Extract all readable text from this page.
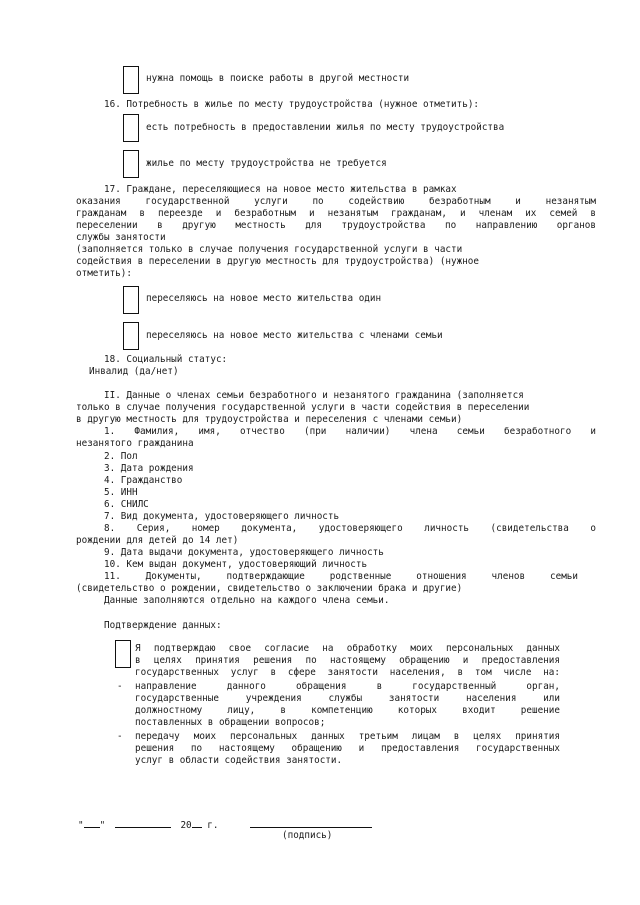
нужна помощь в поиске работы в другой местности
16. Потребность в жилье по месту трудоустройства (нужное отметить):
есть потребность в предоставлении жилья по месту трудоустройства
жилье по месту трудоустройства не требуется
17. Граждане, переселяющиеся на новое место жительства в рамках
оказания государственной услуги по содействию безработным и незанятым
гражданам в переезде и безработным и незанятым гражданам, и членам их семей в
переселении в другую местность для трудоустройства по направлению органов
службы занятости
(заполняется только в случае получения государственной услуги в части
содействия в переселении в другую местность для трудоустройства) (нужное
отметить):
переселяюсь на новое место жительства один
переселяюсь на новое место жительства с членами семьи
18. Социальный статус:
Инвалид (да/нет)
II. Данные о членах семьи безработного и незанятого гражданина (заполняется
только в случае получения государственной услуги в части содействия в переселении
в другую местность для трудоустройства и переселения с членами семьи)
1. Фамилия, имя, отчество (при наличии) члена семьи безработного и
незанятого гражданина
2. Пол
3. Дата рождения
4. Гражданство
5. ИНН
6. СНИЛС
7. Вид документа, удостоверяющего личность
8. Серия, номер документа, удостоверяющего личность (свидетельства о
рождении для детей до 14 лет)
9. Дата выдачи документа, удостоверяющего личность
10. Кем выдан документ, удостоверяющий личность
11. Документы, подтверждающие родственные отношения членов семьи
(свидетельство о рождении, свидетельство о заключении брака и другие)
Данные заполняются отдельно на каждого члена семьи.
Подтверждение данных:
Я подтверждаю свое согласие на обработку моих персональных данных
в целях принятия решения по настоящему обращению и предоставления
государственных услуг в сфере занятости населения, в том числе на:
- направление данного обращения в государственный орган,
государственные учреждения службы занятости населения или
должностному лицу, в компетенцию которых входит решение
поставленных в обращении вопросов;
- передачу моих персональных данных третьим лицам в целях принятия
решения по настоящему обращению и предоставления государственных
услуг в области содействия занятости.
" "	20 г.
(подпись)
